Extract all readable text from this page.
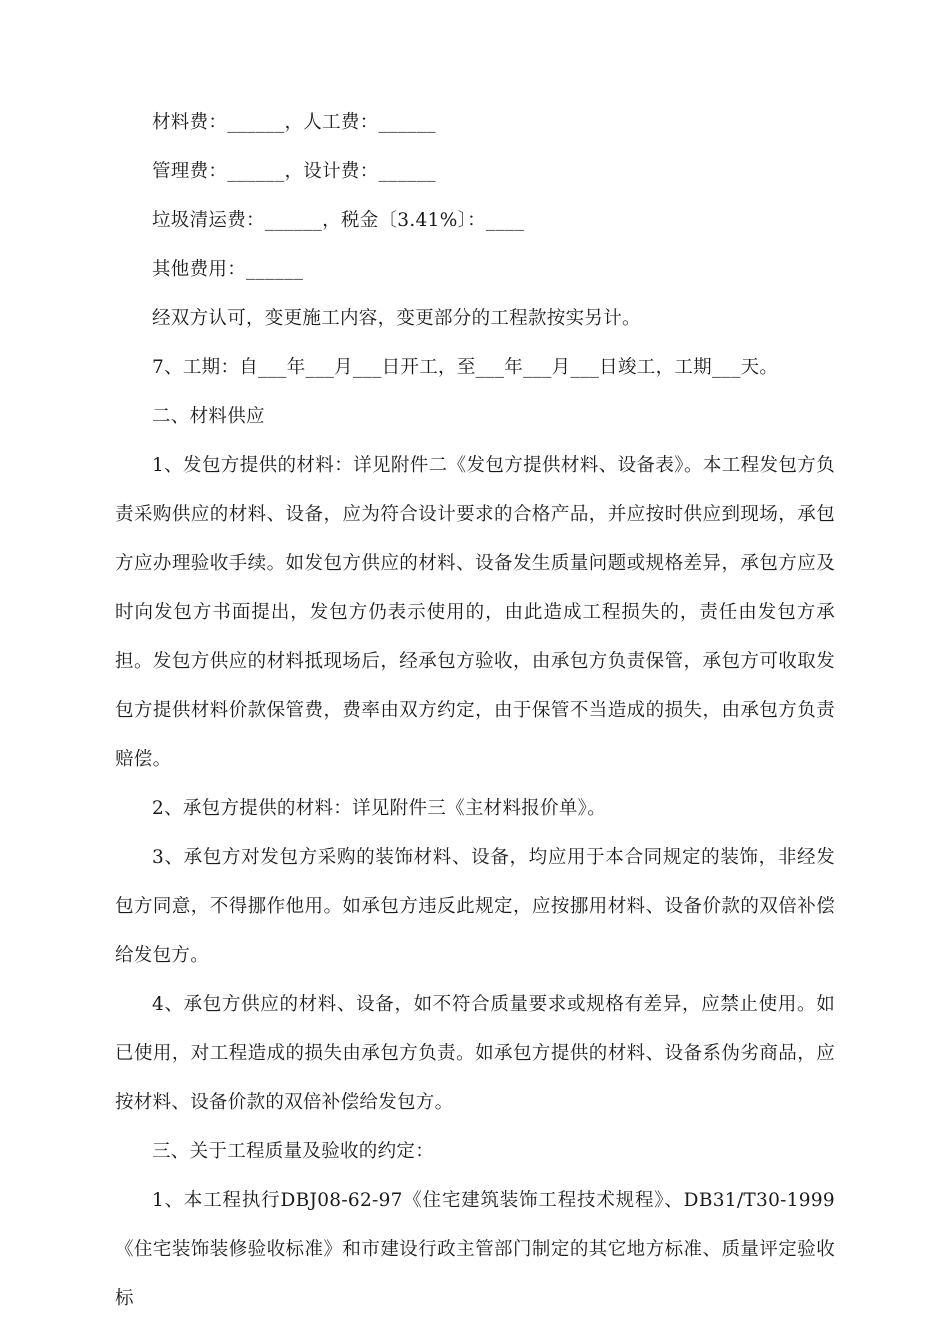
材料费：______，人工费：______
管理费：______，设计费：______
垃圾清运费：______，税金〔3.41%〕：____
其他费用：______
经双方认可，变更施工内容，变更部分的工程款按实另计。
7、工期：自___年___月___日开工，至___年___月___日竣工，工期___天。
二、材料供应

1、发包方提供的材料：详见附件二《发包方提供材料、设备表》。本工程发包方负责采购供应的材料、设备，应为符合设计要求的合格产品，并应按时供应到现场，承包方应办理验收手续。如发包方供应的材料、设备发生质量问题或规格差异，承包方应及时向发包方书面提出，发包方仍表示使用的，由此造成工程损失的，责任由发包方承担。发包方供应的材料抵现场后，经承包方验收，由承包方负责保管，承包方可收取发包方提供材料价款保管费，费率由双方约定，由于保管不当造成的损失，由承包方负责赔偿。

2、承包方提供的材料：详见附件三《主材料报价单》。

3、承包方对发包方采购的装饰材料、设备，均应用于本合同规定的装饰，非经发包方同意，不得挪作他用。如承包方违反此规定，应按挪用材料、设备价款的双倍补偿给发包方。

4、承包方供应的材料、设备，如不符合质量要求或规格有差异，应禁止使用。如已使用，对工程造成的损失由承包方负责。如承包方提供的材料、设备系伪劣商品，应按材料、设备价款的双倍补偿给发包方。

三、关于工程质量及验收的约定：

1、本工程执行DBJ08-62-97《住宅建筑装饰工程技术规程》、DB31/T30-1999《住宅装饰装修验收标准》和市建设行政主管部门制定的其它地方标准、质量评定验收标
